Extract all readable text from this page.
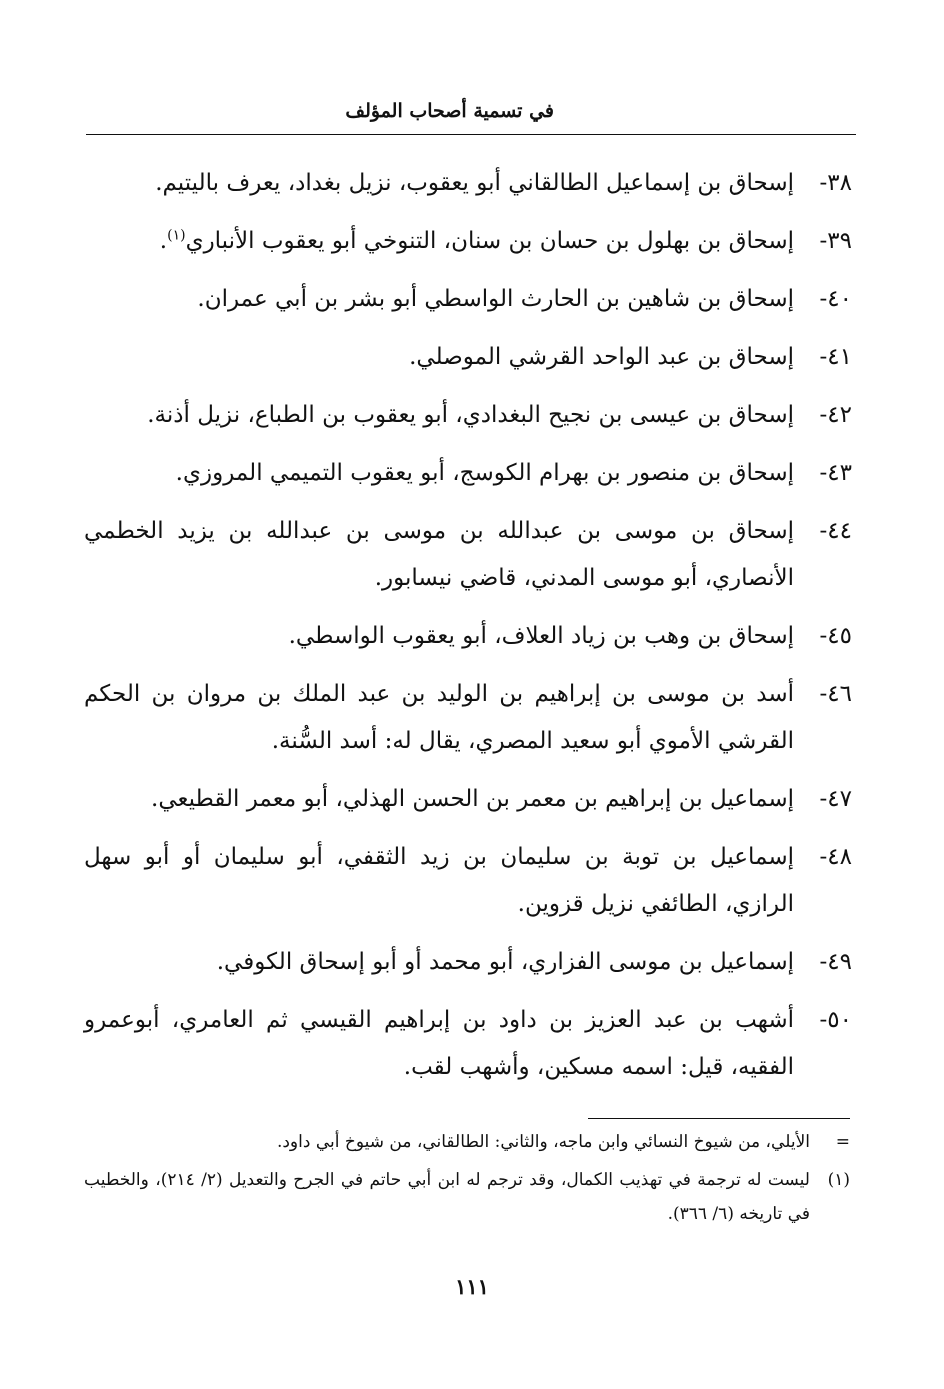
في تسمية أصحاب المؤلف
٣٨-
إسحاق بن إسماعيل الطالقاني أبو يعقوب، نزيل بغداد، يعرف باليتيم.
٣٩-
إسحاق بن بهلول بن حسان بن سنان، التنوخي أبو يعقوب الأنباري$^{(١)}$.
٤٠-
إسحاق بن شاهين بن الحارث الواسطي أبو بشر بن أبي عمران.
٤١-
إسحاق بن عبد الواحد القرشي الموصلي.
٤٢-
إسحاق بن عيسى بن نجيح البغدادي، أبو يعقوب بن الطباع، نزيل أذنة.
٤٣-
إسحاق بن منصور بن بهرام الكوسج، أبو يعقوب التميمي المروزي.
٤٤-
إسحاق بن موسى بن عبدالله بن موسى بن عبدالله بن يزيد الخطمي الأنصاري، أبو موسى المدني، قاضي نيسابور.
٤٥-
إسحاق بن وهب بن زياد العلاف، أبو يعقوب الواسطي.
٤٦-
أسد بن موسى بن إبراهيم بن الوليد بن عبد الملك بن مروان بن الحكم القرشي الأموي أبو سعيد المصري، يقال له: أسد السُّنة.
٤٧-
إسماعيل بن إبراهيم بن معمر بن الحسن الهذلي، أبو معمر القطيعي.
٤٨-
إسماعيل بن توبة بن سليمان بن زيد الثقفي، أبو سليمان أو أبو سهل الرازي، الطائفي نزيل قزوين.
٤٩-
إسماعيل بن موسى الفزاري، أبو محمد أو أبو إسحاق الكوفي.
٥٠-
أشهب بن عبد العزيز بن داود بن إبراهيم القيسي ثم العامري، أبوعمرو الفقيه، قيل: اسمه مسكين، وأشهب لقب.
=
الأيلي، من شيوخ النسائي وابن ماجه، والثاني: الطالقاني، من شيوخ أبي داود.
(١)
ليست له ترجمة في تهذيب الكمال، وقد ترجم له ابن أبي حاتم في الجرح والتعديل (٢/ ٢١٤)، والخطيب في تاريخه (٦/ ٣٦٦).
١١١
